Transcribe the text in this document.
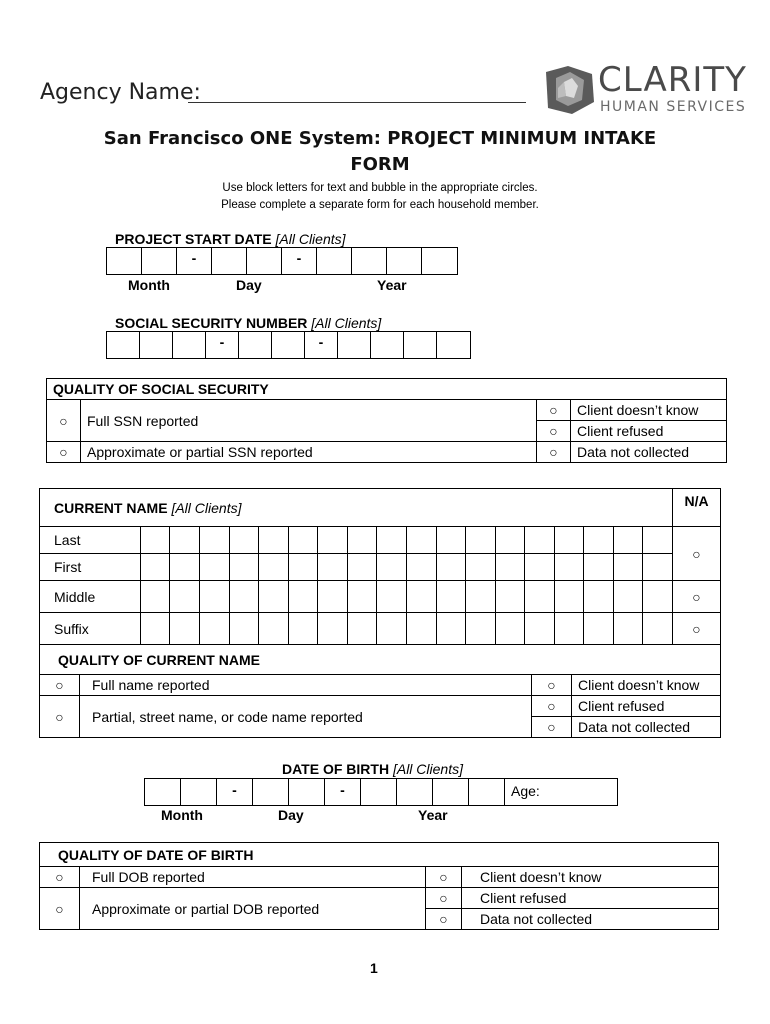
Agency Name:	CLARITY
HUMAN SERVICES
San Francisco ONE System: PROJECT MINIMUM INTAKE
FORM
Use block letters for text and bubble in the appropriate circles.
Please complete a separate form for each household member.
PROJECT START DATE [All Clients]
-	-
Month	Day	Year
SOCIAL SECURITY NUMBER [All Clients]
-	-
QUALITY OF SOCIAL SECURITY			
○	Full SSN reported	○	Client doesn’t know
		○	Client refused
○	Approximate or partial SSN reported	○	Data not collected
CURRENT NAME [All Clients]																			N/A
Last																			○
First																			
Middle																			○
Suffix																			○
QUALITY OF CURRENT NAME			
○	Full name reported	○	Client doesn’t know
○	Partial, street name, or code name reported	○	Client refused
		○	Data not collected
DATE OF BIRTH [All Clients]
-	-	Age:
Month	Day	Year
QUALITY OF DATE OF BIRTH			
○	Full DOB reported	○	Client doesn’t know
○	Approximate or partial DOB reported	○	Client refused
		○	Data not collected
1
